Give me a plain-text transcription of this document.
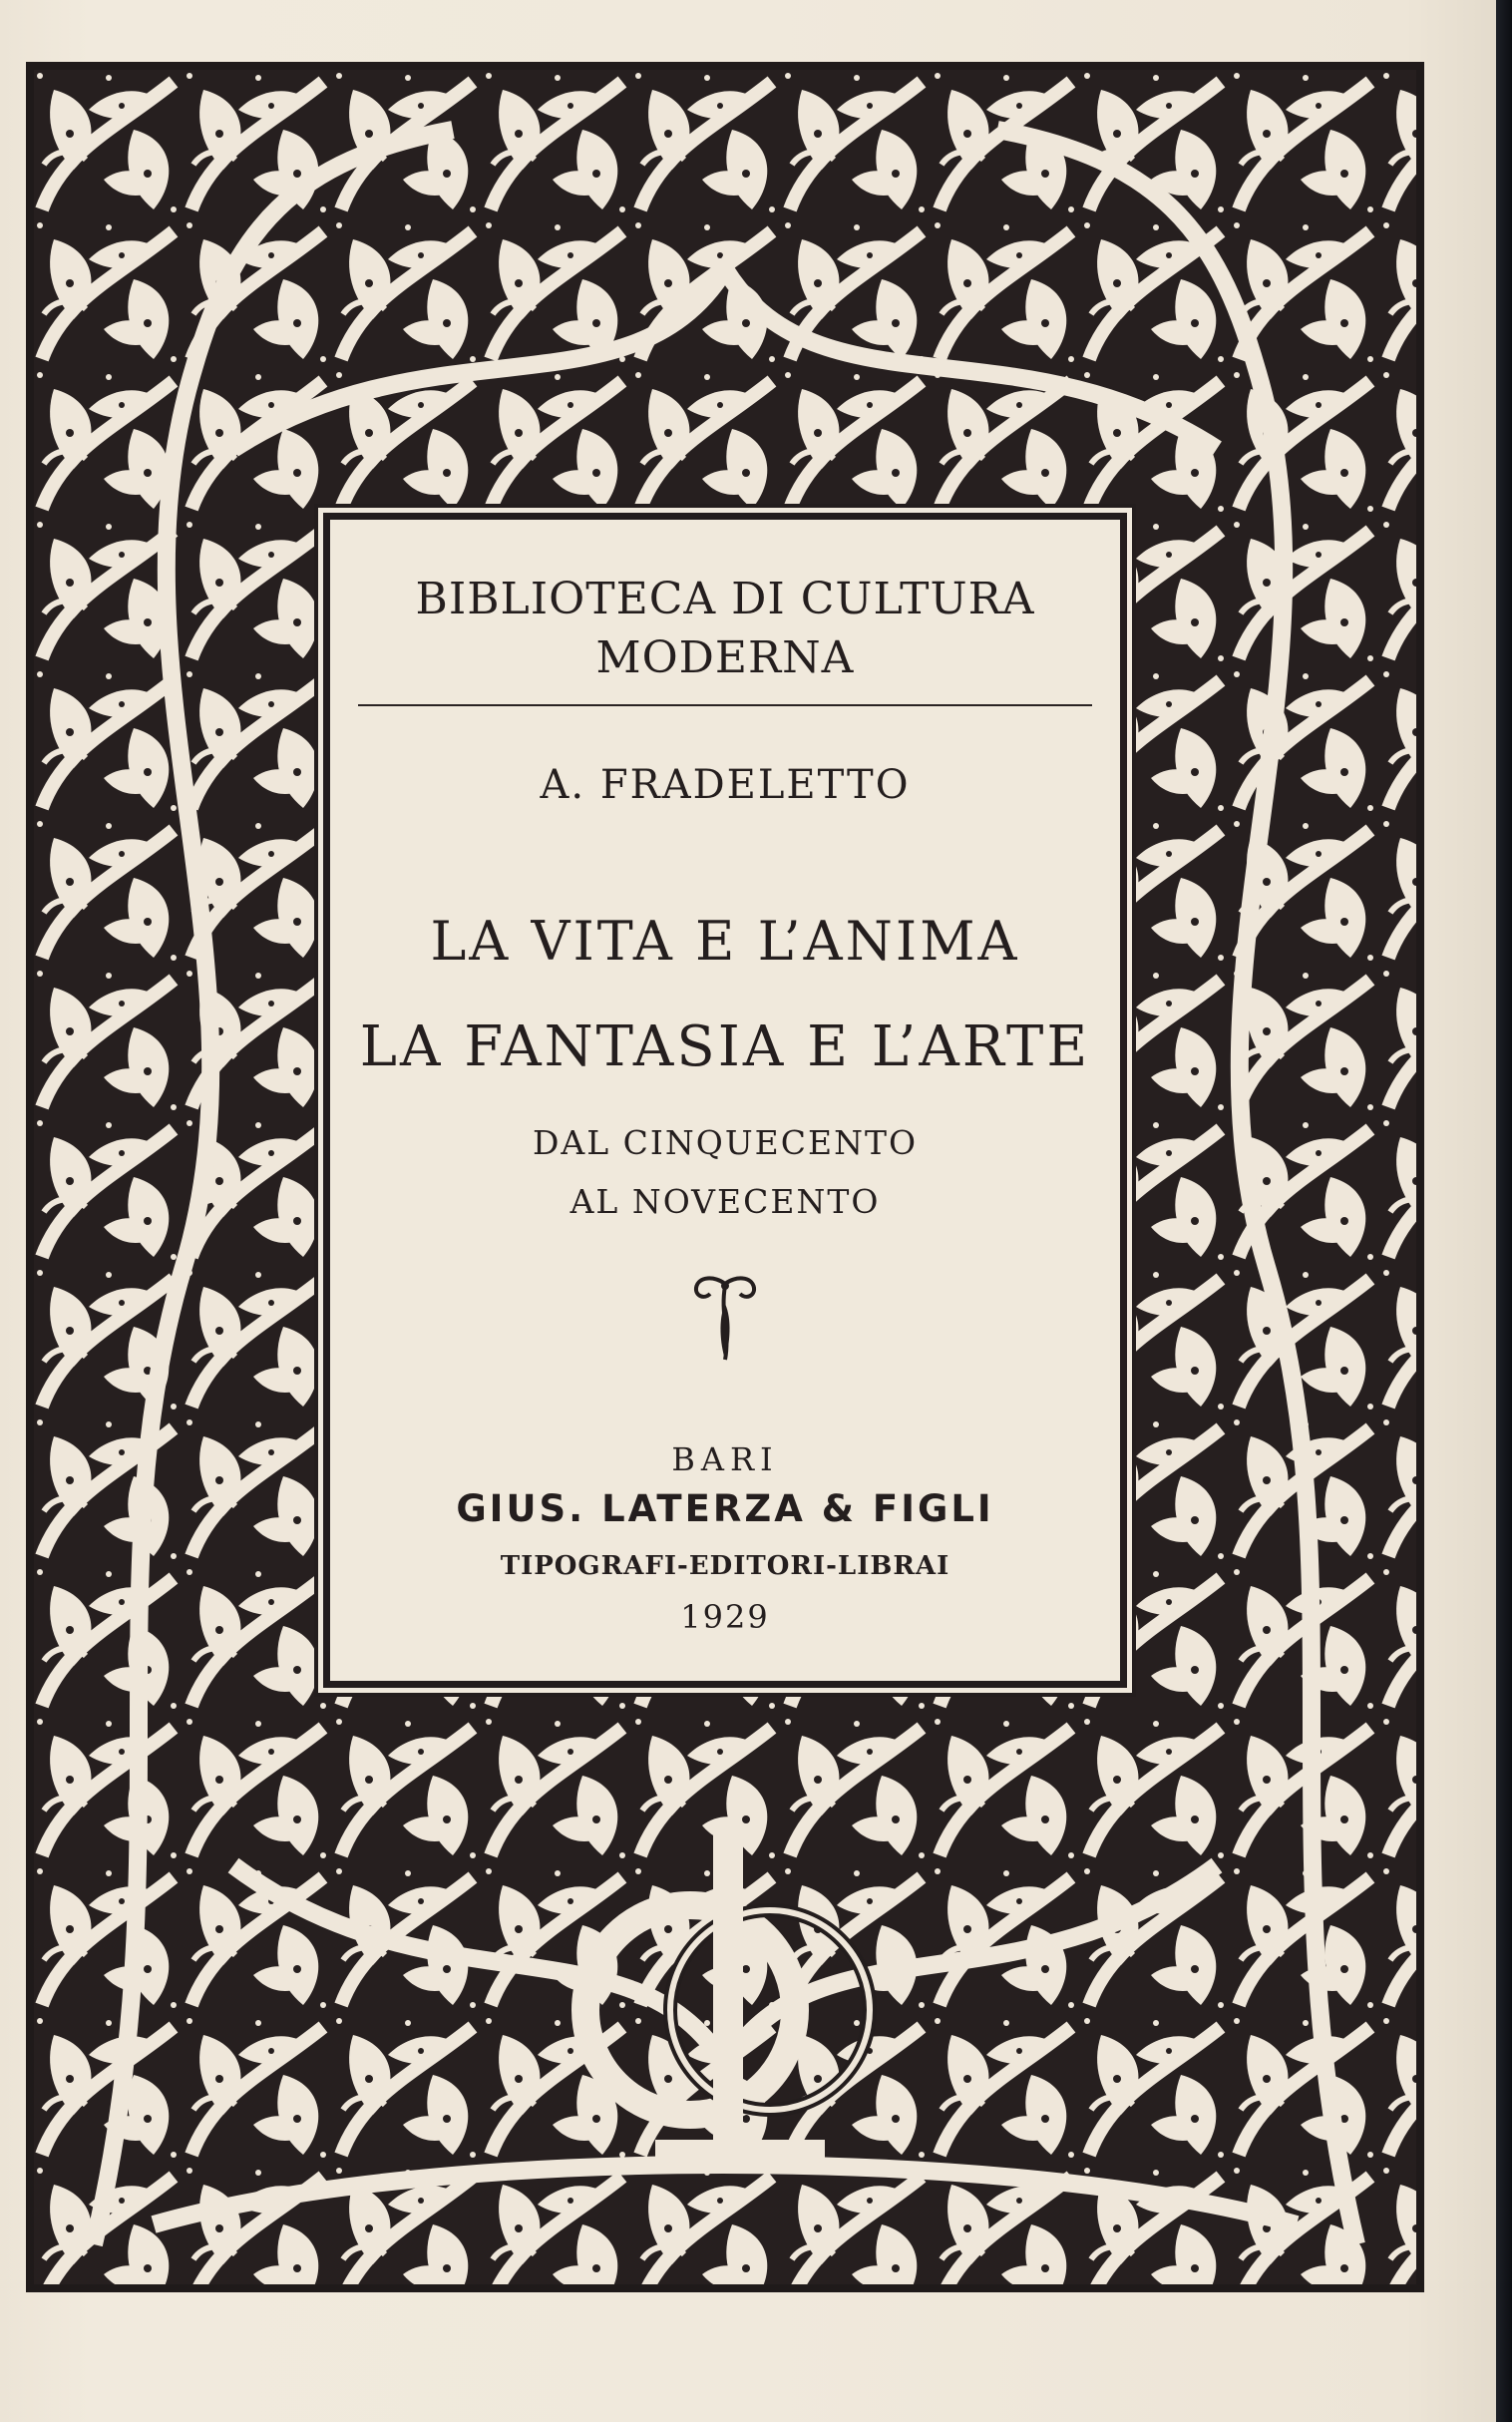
BIBLIOTECA DI CULTURA
MODERNA
A. FRADELETTO
LA VITA E L’ANIMA
LA FANTASIA E L’ARTE
DAL CINQUECENTO
AL NOVECENTO
BARI
GIUS. LATERZA & FIGLI
TIPOGRAFI-EDITORI-LIBRAI
1929
